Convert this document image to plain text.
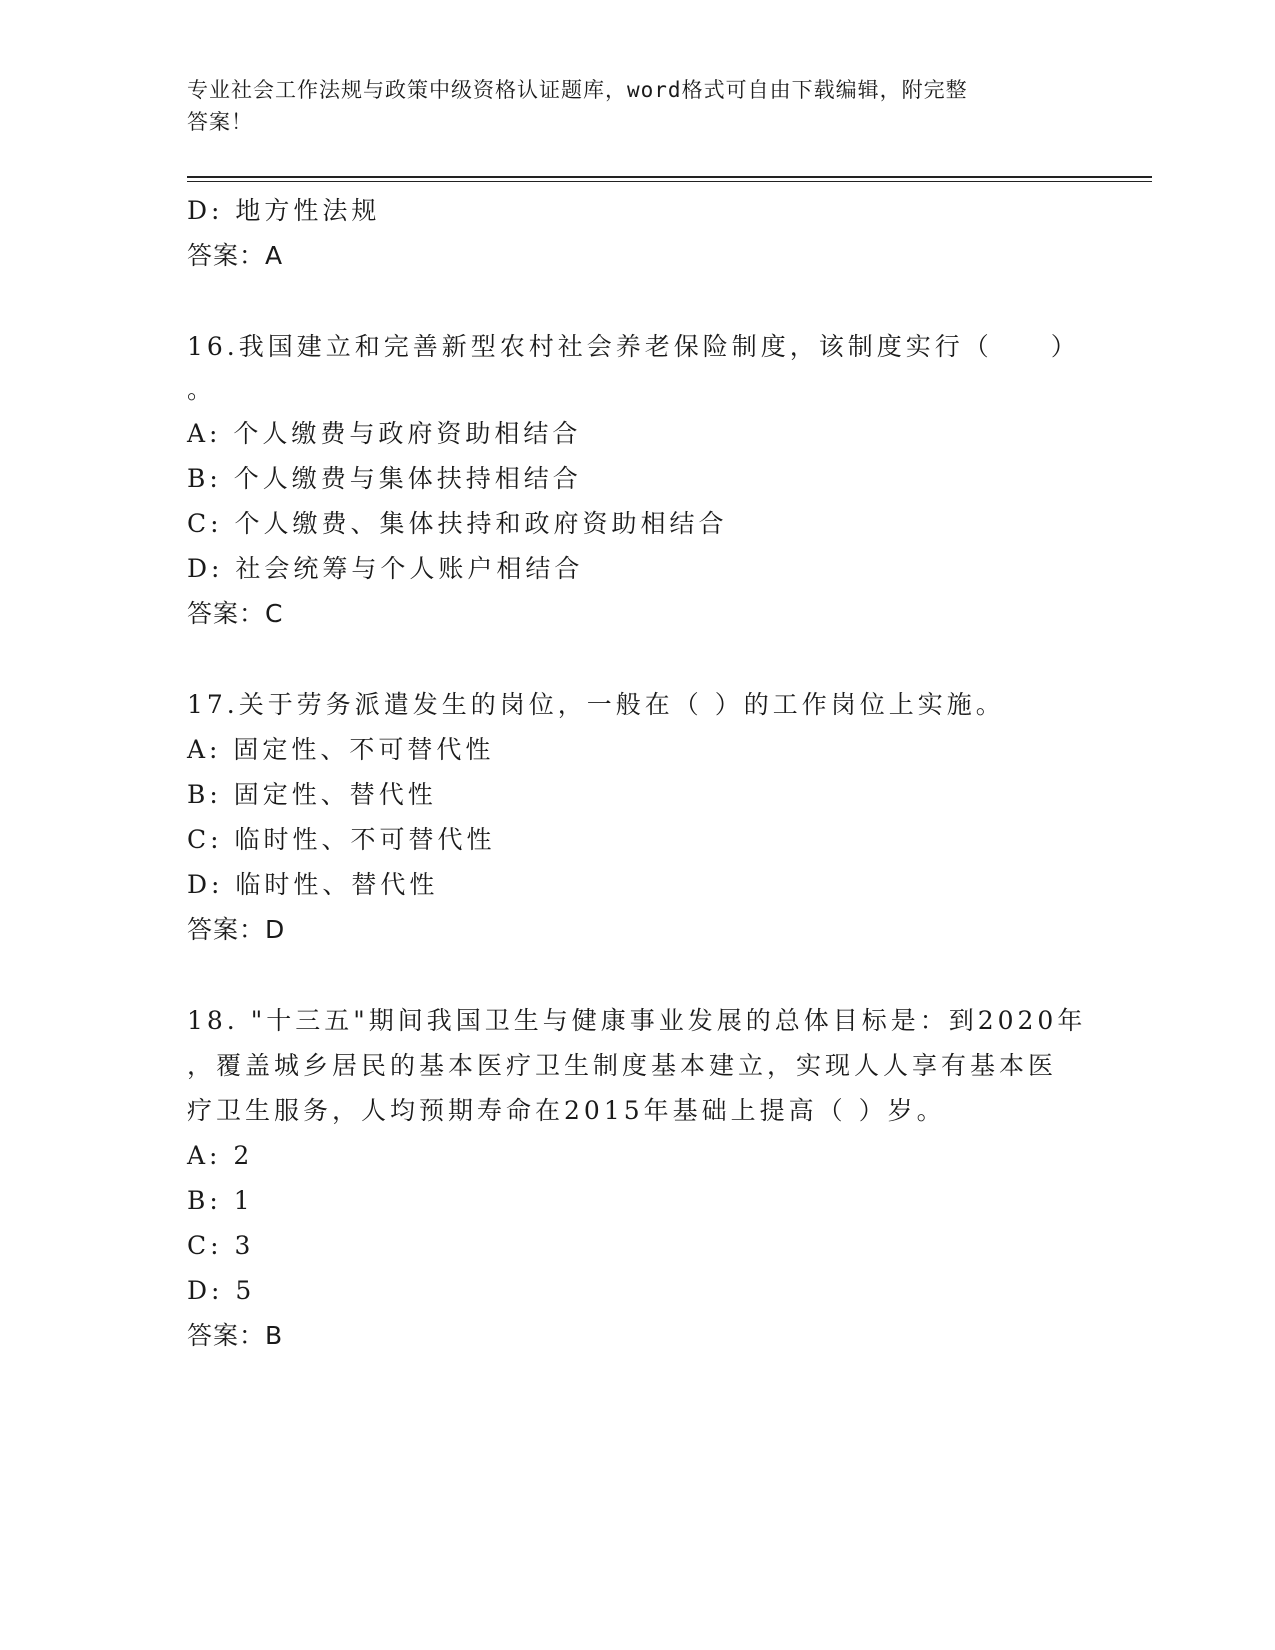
专业社会工作法规与政策中级资格认证题库，word格式可自由下载编辑，附完整
答案！
D: 地方性法规
答案：A
16.我国建立和完善新型农村社会养老保险制度，该制度实行（　　）
。
A: 个人缴费与政府资助相结合
B: 个人缴费与集体扶持相结合
C: 个人缴费、集体扶持和政府资助相结合
D: 社会统筹与个人账户相结合
答案：C
17.关于劳务派遣发生的岗位，一般在（ ）的工作岗位上实施。
A: 固定性、不可替代性
B: 固定性、替代性
C: 临时性、不可替代性
D: 临时性、替代性
答案：D
18. "十三五"期间我国卫生与健康事业发展的总体目标是：到2020年
，覆盖城乡居民的基本医疗卫生制度基本建立，实现人人享有基本医
疗卫生服务，人均预期寿命在2015年基础上提高（ ）岁。
A: 2
B: 1
C: 3
D: 5
答案：B
